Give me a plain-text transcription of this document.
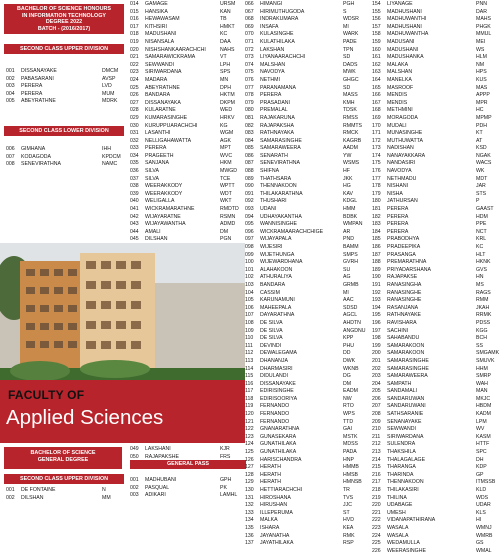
BACHELOR OF SCIENCE HONOURS
IN INFORMATION TECHNOLOGY
DEGREE 2022
BATCH - (2016/2017)
SECOND CLASS UPPER DIVISION
001	DISSANAYAKE	DMCM
002	PABASARANI	AVSP
003	PERERA	LVD
004	PERERA	MUM
005	ABEYRATHNE	MDRK
SECOND CLASS LOWER DIVISION
006	GIMHANA	IHH
007	KODAGODA	KPDCM
008	SENEVIRATHNA	NAMC
014	GAMAGE	URSM
015	HANSIKA	KAN
016	HEWAWASAM	TB
017	KITHSIRI	HMKT
018	MADUSHANI	KC
019	NISANSALA	DAA
020	NISHSHANKAARACHCHI	NAHS
021	SAMARAWICKRAMA	VT
022	SEWWANDI	LPH
023	SIRIWARDANA	SPS
024	MADARA	MN
025	ABEYRATHNE	DPH
026	BANDARA	HKTM
027	DISSANAYAKA	DKPM
028	KULARATNE	WED
029	KUMARASINGHE	HRKV
030	KURUPPUARACHCHI	KG
031	LASANTHI	WGM
032	NELLIGAHAWATTA	AGK
033	PERERA	MPT
034	PRAGEETH	WVC
035	SANJANA	HKM
036	SILVA	MWGD
037	SILVA	TCE
038	WEERAKKODY	WPTT
039	WEERAKKODY	WDT
040	WELIGALLA	WKT
041	WICKRAMARATHNE	RMDTD
042	WIJAYARATNE	RSMN
043	WIJAYAWANTHA	ADMD
044	AMALI	DM
045	DILSHAN	PGN
FACULTY OF
Applied Sciences
BACHELOR OF SCIENCE
GENERAL DEGREE
SECOND CLASS UPPER DIVISION
001	DE FONTAINE	N
002	DILSHAN	MM
049	LAKSHANI	KJR
050	RAJAPAKSHE	FRS
001	MADHUBANI	GPH
002	PASQUAL	PK
003	ADIKARI	LAMHL
GENERAL PASS
066	HIMANGI	PGH
067	HIRIMUTHUGODA	S
068	INDRAKUMARA	WDSR
069	INSAFA	MI
070	KULASINGHE	WARK
071	KULATHILAKA	PADE
072	LAKSHAN	TPN
073	LIYANAARACHCHI	SD
074	MALSHAN	DADS
075	NAVODYA	MWK
076	NETHMI	GHGC
077	PARANAMANA	SD
078	PERERA	MASS
079	PRASADANI	KMH
080	PREMALAL	TDSK
081	RAJAKARUNA	RMSS
082	RAJAPAKSHA	RMMTS
083	RATHNAYAKA	RMCK
084	SAMARASINGHE	KAGRB
085	SAMARAWEERA	AADM
086	SENARATH	YW
087	SENEVIRATHNA	WSMS
088	SHIFNA	HF
089	THATHSARA	JKK
090	THENNAKOON	HG
091	THILAKARATHNA	KAV
092	THUSHARI	KDGL
093	UDANI	HMM
094	UDHAYAKANTHA	BDBK
095	WANNISINGHE	WMPAN
096	WICKRAMAARACHCHIGE	AR
097	WIJAYAPALA	PND
098	WIJESIRI	BAMM
099	WIJETHUNGA	SMPS
100	WIJEWARDHANA	GVRH
101	ALAHAKOON	SU
102	ATHURALIYA	AG
103	BANDARA	GRMB
104	CASSIM	MI
105	KARUNAMUNI	AAC
106	MAHEEPALA	SDSD
107	DAYARATHNA	AGCL
108	DE SILVA	AHDTN
109	DE SILVA	ANGDNU
110	DE SILVA	KPP
111	DEVINDI	PHU
112	DEWALEGAMA	DD
113	DHANANJA	DWK
114	DHARMASIRI	WKNB
115	DIDULANDI	DG
116	DISSANAYAKE	DM
117	EDIRISINGHE	EADM
118	EDIRISOORIYA	NW
119	FERNANDO	RTO
120	FERNANDO	WPS
121	FERNANDO	TTD
122	GNANARATHNA	GAI
123	GUNASEKARA	MSTK
124	GUNATHILAKA	MDSS
125	GUNATHILAKA	PADA
126	HARISCHANDRA	HNP
127	HERATH	HMMB
128	HERATH	HMSB
129	HERATH	HMNSB
130	HETTIARACHCHI	TR
131	HIROSHANA	TVS
132	HIRUSHAN	JJC
133	ILLEPERUMA	ST
134	MALKA	HVD
135	ISHARA	KEA
136	JAYANATHA	RMK
137	JAYATHILAKA	RSP
154	LIYANAGE	PNN
155	MADHUSHANI	DAR
156	MADHUWANTHI	MAHS
157	MADHUSHANI	PHGK
158	MADHUWANTHA	MMUL
159	MADUSANI	MEI
160	MADUSHANI	WS
161	MADUSHANKA	HLM
162	MALAKA	NM
163	MALSHAN	HPS
164	MANELKA	KUS
165	MASROOF	MAS
166	MENDIS	APPP
167	MENDIS	MPR
168	METHMINI	HC
169	MORAGODA	MPMP
170	MUDALI	PDH
171	MUNASINGHE	KT
172	MUTHUWATTA	AT
173	NADISHAN	KSD
174	NANAYAKKARA	NGAK
175	NANDASIRI	WACS
176	NAVODYA	WK
177	NETHMADU	MDT
178	NISHANI	JAR
179	NISHA	STS
180	JATHURSAN	P
181	PERERA	GAAST
182	PERERA	HDM
183	PERERA	PPE
184	PERERA	NCT
185	PRABODHYA	KRL
186	PRADEEPIKA	KC
187	PRASANGA	HLT
188	PREMARATHNA	HKNK
189	PRIYADARSHANA	GVS
190	RAJAPAKSE	HN
191	RANASINGHA	MS
192	RANASINGHE	RAGS
193	RANASINGHE	RMM
194	RASANJANA	JKAH
195	RATHNAYAKE	RRMK
196	RAVISHARA	PDSS
197	SACHINI	KGG
198	SAHABANDU	BCH
199	SAMARAKOON	SS
200	SAMARAKOON	SMGAMK
201	SAMARASINGHE	SMUVK
202	SAMARASINGHE	HHM
203	SAMARAWEERA	SMRP
204	SAMPATH	WAH
205	SANDAMALI	MAN
206	SANDARUWAN	MKJC
207	SANDARUWANI	HBDM
208	SATHSARANIE	KADM
209	SENANAYAKE	LPM
210	SEWWANDI	WV
211	SIRIWARDANA	KASM
212	SULENDRA	HTTF
213	THAKSHILA	SPC
214	THALAGALAGE	DH
215	THARANGA	KDP
216	THARINDA	GP
217	THENNAKOON	ITMSSB
218	THILAKASIRI	KLD
219	THILINA	WDS
220	UDABAGE	UDAR
221	UMESH	KLS
222	VIDANAPATHIRANA	HI
223	WASALA	WMNJ
224	WASALA	WMRB
225	WEDAMULLA	GS
226	WEERASINGHE	WMAL
